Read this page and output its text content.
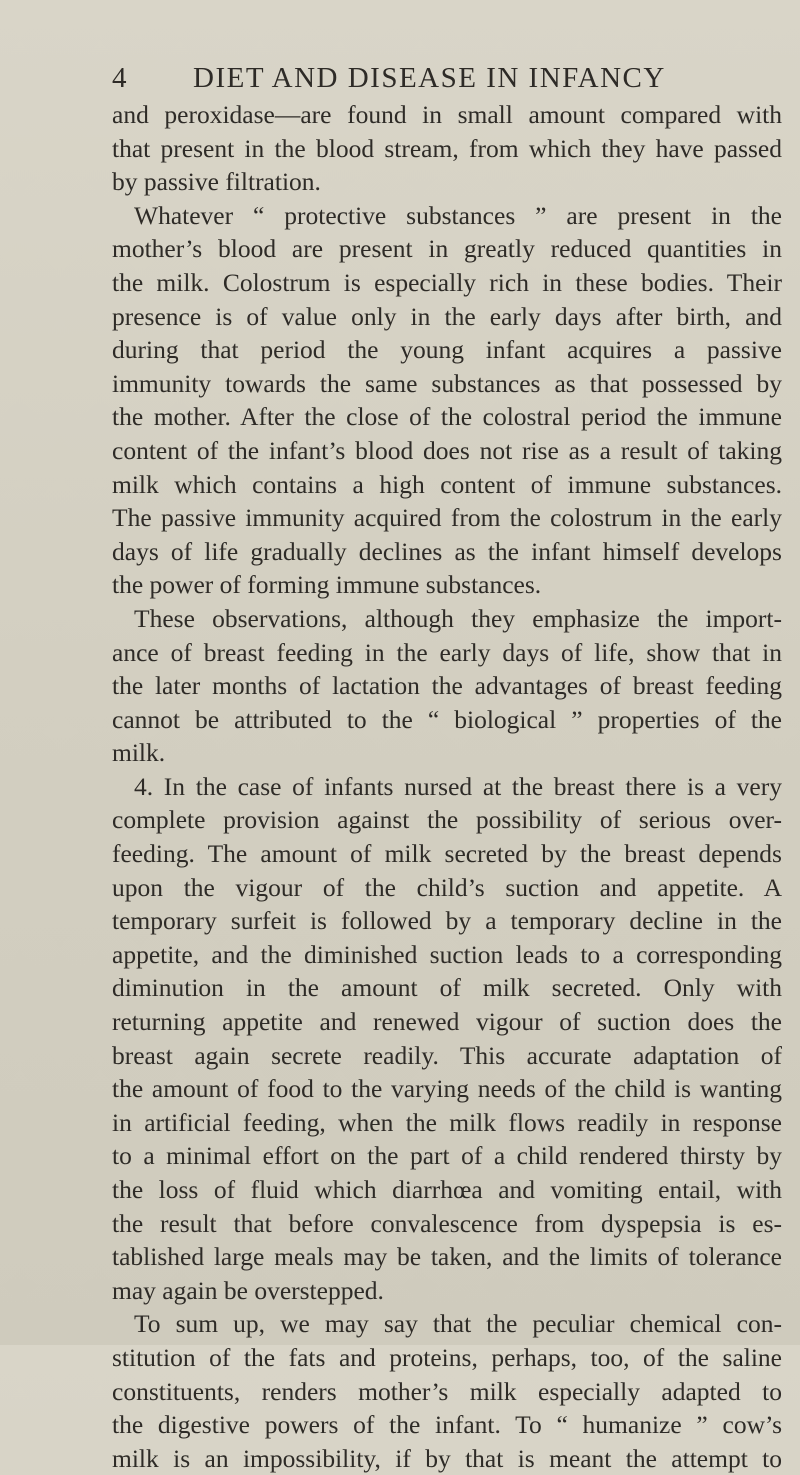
4 DIET AND DISEASE IN INFANCY
and peroxidase—are found in small amount compared with
that present in the blood stream, from which they have passed
by passive filtration.
Whatever “ protective substances ” are present in the
mother’s blood are present in greatly reduced quantities in
the milk. Colostrum is especially rich in these bodies. Their
presence is of value only in the early days after birth, and
during that period the young infant acquires a passive
immunity towards the same substances as that possessed by
the mother. After the close of the colostral period the immune
content of the infant’s blood does not rise as a result of taking
milk which contains a high content of immune substances.
The passive immunity acquired from the colostrum in the early
days of life gradually declines as the infant himself develops
the power of forming immune substances.
These observations, although they emphasize the import-
ance of breast feeding in the early days of life, show that in
the later months of lactation the advantages of breast feeding
cannot be attributed to the “ biological ” properties of the
milk.
4. In the case of infants nursed at the breast there is a very
complete provision against the possibility of serious over-
feeding. The amount of milk secreted by the breast depends
upon the vigour of the child’s suction and appetite. A
temporary surfeit is followed by a temporary decline in the
appetite, and the diminished suction leads to a corresponding
diminution in the amount of milk secreted. Only with
returning appetite and renewed vigour of suction does the
breast again secrete readily. This accurate adaptation of
the amount of food to the varying needs of the child is wanting
in artificial feeding, when the milk flows readily in response
to a minimal effort on the part of a child rendered thirsty by
the loss of fluid which diarrhœa and vomiting entail, with
the result that before convalescence from dyspepsia is es-
tablished large meals may be taken, and the limits of tolerance
may again be overstepped.
To sum up, we may say that the peculiar chemical con-
stitution of the fats and proteins, perhaps, too, of the saline
constituents, renders mother’s milk especially adapted to
the digestive powers of the infant. To “ humanize ” cow’s
milk is an impossibility, if by that is meant the attempt to
